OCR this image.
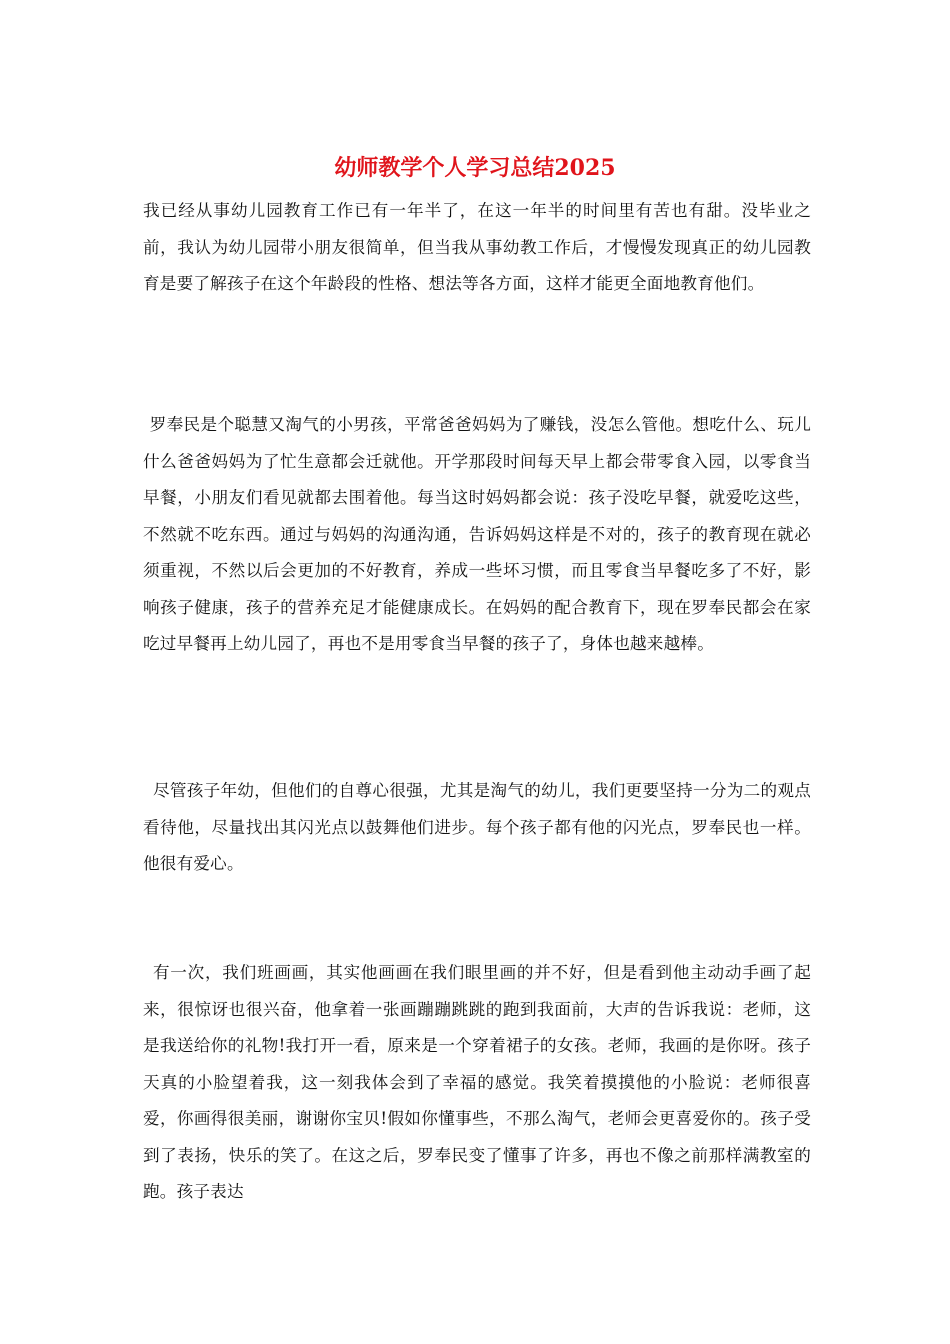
幼师教学个人学习总结2025

我已经从事幼儿园教育工作已有一年半了，在这一年半的时间里有苦也有甜。没毕业之前，我认为幼儿园带小朋友很简单，但当我从事幼教工作后，才慢慢发现真正的幼儿园教育是要了解孩子在这个年龄段的性格、想法等各方面，这样才能更全面地教育他们。

罗奉民是个聪慧又淘气的小男孩，平常爸爸妈妈为了赚钱，没怎么管他。想吃什么、玩儿什么爸爸妈妈为了忙生意都会迁就他。开学那段时间每天早上都会带零食入园，以零食当早餐，小朋友们看见就都去围着他。每当这时妈妈都会说：孩子没吃早餐，就爱吃这些，不然就不吃东西。通过与妈妈的沟通沟通，告诉妈妈这样是不对的，孩子的教育现在就必须重视，不然以后会更加的不好教育，养成一些坏习惯，而且零食当早餐吃多了不好，影响孩子健康，孩子的营养充足才能健康成长。在妈妈的配合教育下，现在罗奉民都会在家吃过早餐再上幼儿园了，再也不是用零食当早餐的孩子了，身体也越来越棒。

尽管孩子年幼，但他们的自尊心很强，尤其是淘气的幼儿，我们更要坚持一分为二的观点看待他，尽量找出其闪光点以鼓舞他们进步。每个孩子都有他的闪光点，罗奉民也一样。他很有爱心。

有一次，我们班画画，其实他画画在我们眼里画的并不好，但是看到他主动动手画了起来，很惊讶也很兴奋，他拿着一张画蹦蹦跳跳的跑到我面前，大声的告诉我说：老师，这是我送给你的礼物!我打开一看，原来是一个穿着裙子的女孩。老师，我画的是你呀。孩子天真的小脸望着我，这一刻我体会到了幸福的感觉。我笑着摸摸他的小脸说：老师很喜爱，你画得很美丽，谢谢你宝贝!假如你懂事些，不那么淘气，老师会更喜爱你的。孩子受到了表扬，快乐的笑了。在这之后，罗奉民变了懂事了许多，再也不像之前那样满教室的跑。孩子表达
